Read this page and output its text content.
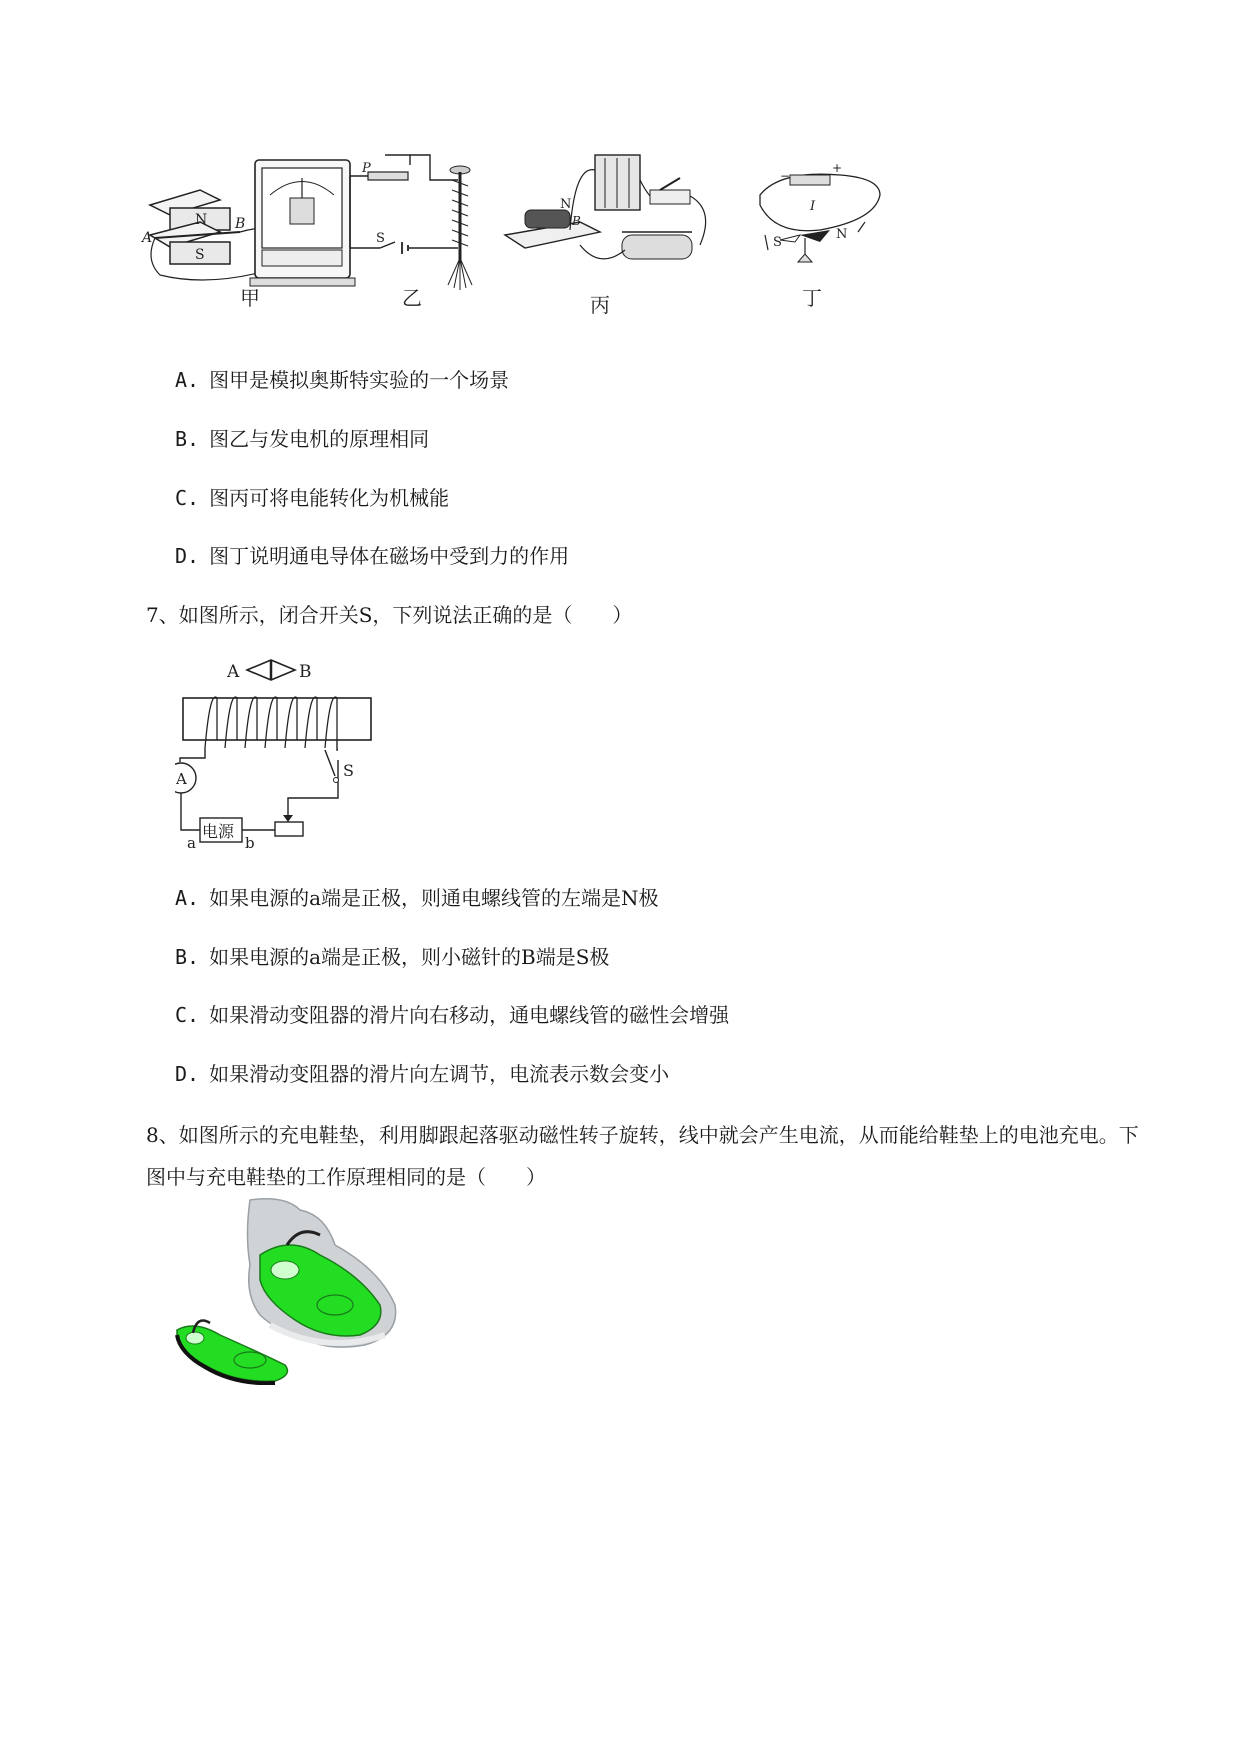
N
S
A
B
甲
P
S
乙
N
B
丙
−
+
I
S
N
丁
A. 图甲是模拟奥斯特实验的一个场景
B. 图乙与发电机的原理相同
C. 图丙可将电能转化为机械能
D. 图丁说明通电导体在磁场中受到力的作用
7、如图所示，闭合开关S，下列说法正确的是（　　）
A	B
A
电源
a	b
S
A. 如果电源的a端是正极，则通电螺线管的左端是N极
B. 如果电源的a端是正极，则小磁针的B端是S极
C. 如果滑动变阻器的滑片向右移动，通电螺线管的磁性会增强
D. 如果滑动变阻器的滑片向左调节，电流表示数会变小
8、如图所示的充电鞋垫，利用脚跟起落驱动磁性转子旋转，线中就会产生电流，从而能给鞋垫上的电池充电。下图中与充电鞋垫的工作原理相同的是（　　）
